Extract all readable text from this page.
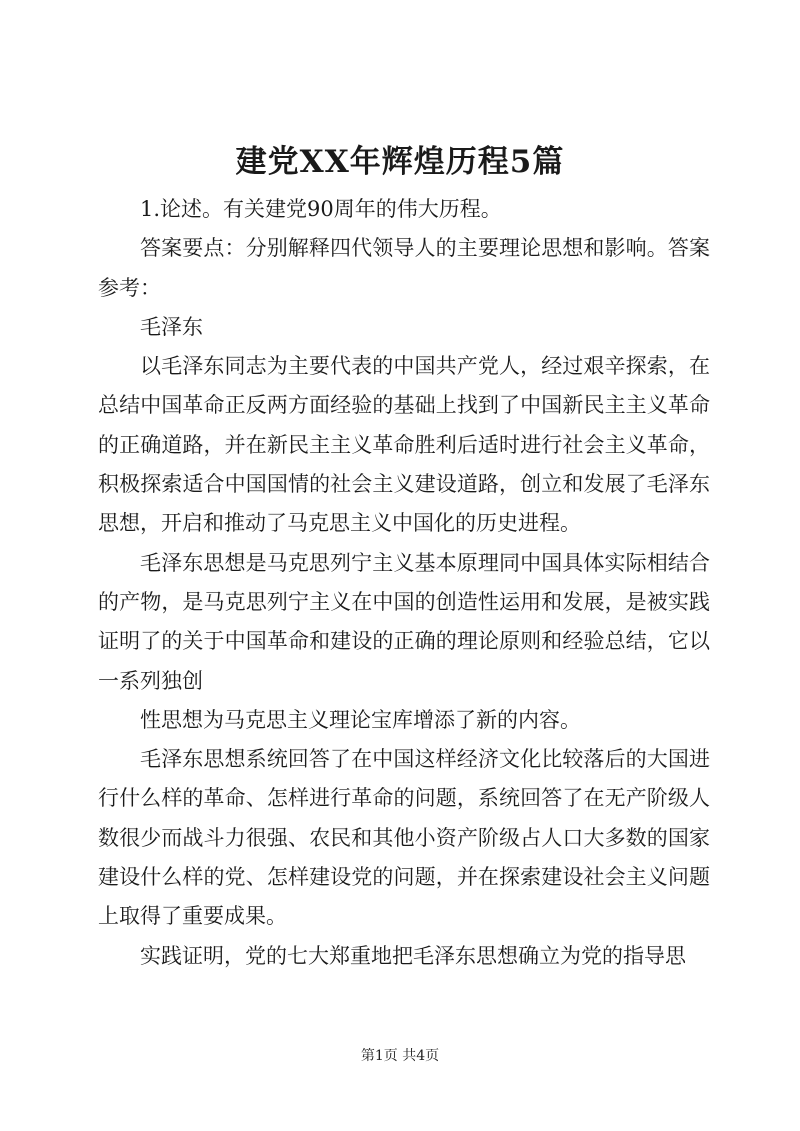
建党XX年辉煌历程5篇

1.论述。有关建党90周年的伟大历程。

答案要点：分别解释四代领导人的主要理论思想和影响。答案参考：

毛泽东

以毛泽东同志为主要代表的中国共产党人，经过艰辛探索，在总结中国革命正反两方面经验的基础上找到了中国新民主主义革命的正确道路，并在新民主主义革命胜利后适时进行社会主义革命，积极探索适合中国国情的社会主义建设道路，创立和发展了毛泽东思想，开启和推动了马克思主义中国化的历史进程。

毛泽东思想是马克思列宁主义基本原理同中国具体实际相结合的产物，是马克思列宁主义在中国的创造性运用和发展，是被实践证明了的关于中国革命和建设的正确的理论原则和经验总结，它以一系列独创

性思想为马克思主义理论宝库增添了新的内容。

毛泽东思想系统回答了在中国这样经济文化比较落后的大国进行什么样的革命、怎样进行革命的问题，系统回答了在无产阶级人数很少而战斗力很强、农民和其他小资产阶级占人口大多数的国家建设什么样的党、怎样建设党的问题，并在探索建设社会主义问题上取得了重要成果。

实践证明，党的七大郑重地把毛泽东思想确立为党的指导思

第1页 共4页
